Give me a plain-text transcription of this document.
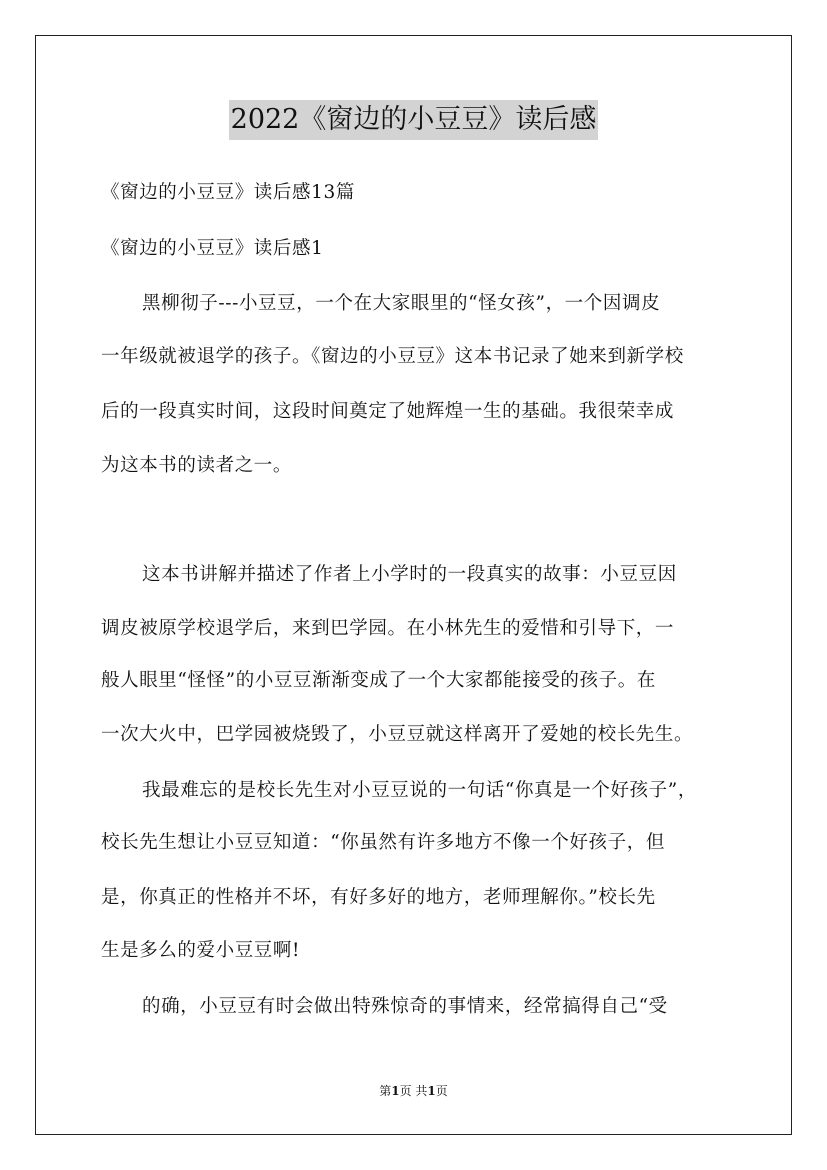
2022《窗边的小豆豆》读后感
《窗边的小豆豆》读后感13篇
《窗边的小豆豆》读后感1
黑柳彻子---小豆豆，一个在大家眼里的“怪女孩”，一个因调皮
一年级就被退学的孩子。《窗边的小豆豆》这本书记录了她来到新学校
后的一段真实时间，这段时间奠定了她辉煌一生的基础。我很荣幸成
为这本书的读者之一。
这本书讲解并描述了作者上小学时的一段真实的故事：小豆豆因
调皮被原学校退学后，来到巴学园。在小林先生的爱惜和引导下，一
般人眼里“怪怪”的小豆豆渐渐变成了一个大家都能接受的孩子。在
一次大火中，巴学园被烧毁了，小豆豆就这样离开了爱她的校长先生。
我最难忘的是校长先生对小豆豆说的一句话“你真是一个好孩子”，
校长先生想让小豆豆知道：“你虽然有许多地方不像一个好孩子，但
是，你真正的性格并不坏，有好多好的地方，老师理解你。”校长先
生是多么的爱小豆豆啊!
的确，小豆豆有时会做出特殊惊奇的事情来，经常搞得自己“受
第1页 共1页
